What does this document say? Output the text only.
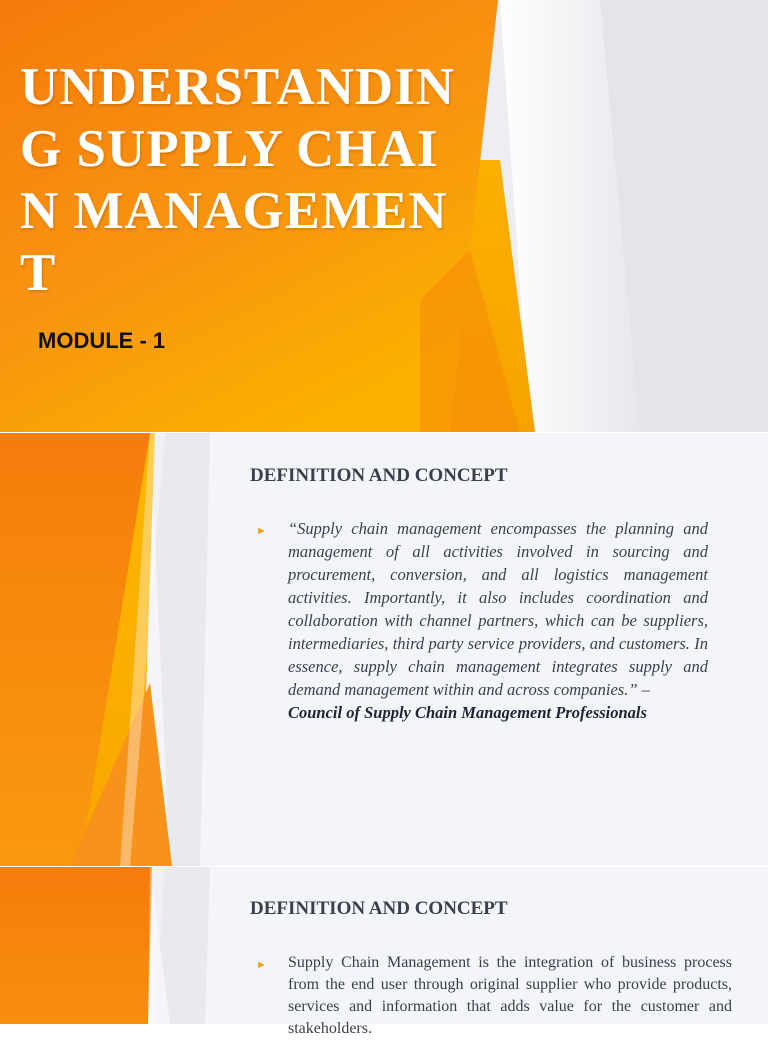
UNDERSTANDING SUPPLY CHAIN MANAGEMENT

MODULE - 1

DEFINITION AND CONCEPT
► “Supply chain management encompasses the planning and management of all activities involved in sourcing and procurement, conversion, and all logistics management activities. Importantly, it also includes coordination and collaboration with channel partners, which can be suppliers, intermediaries, third party service providers, and customers. In essence, supply chain management integrates supply and demand management within and across companies.” –
Council of Supply Chain Management Professionals

DEFINITION AND CONCEPT
► Supply Chain Management is the integration of business process from the end user through original supplier who provide products, services and information that adds value for the customer and stakeholders.
